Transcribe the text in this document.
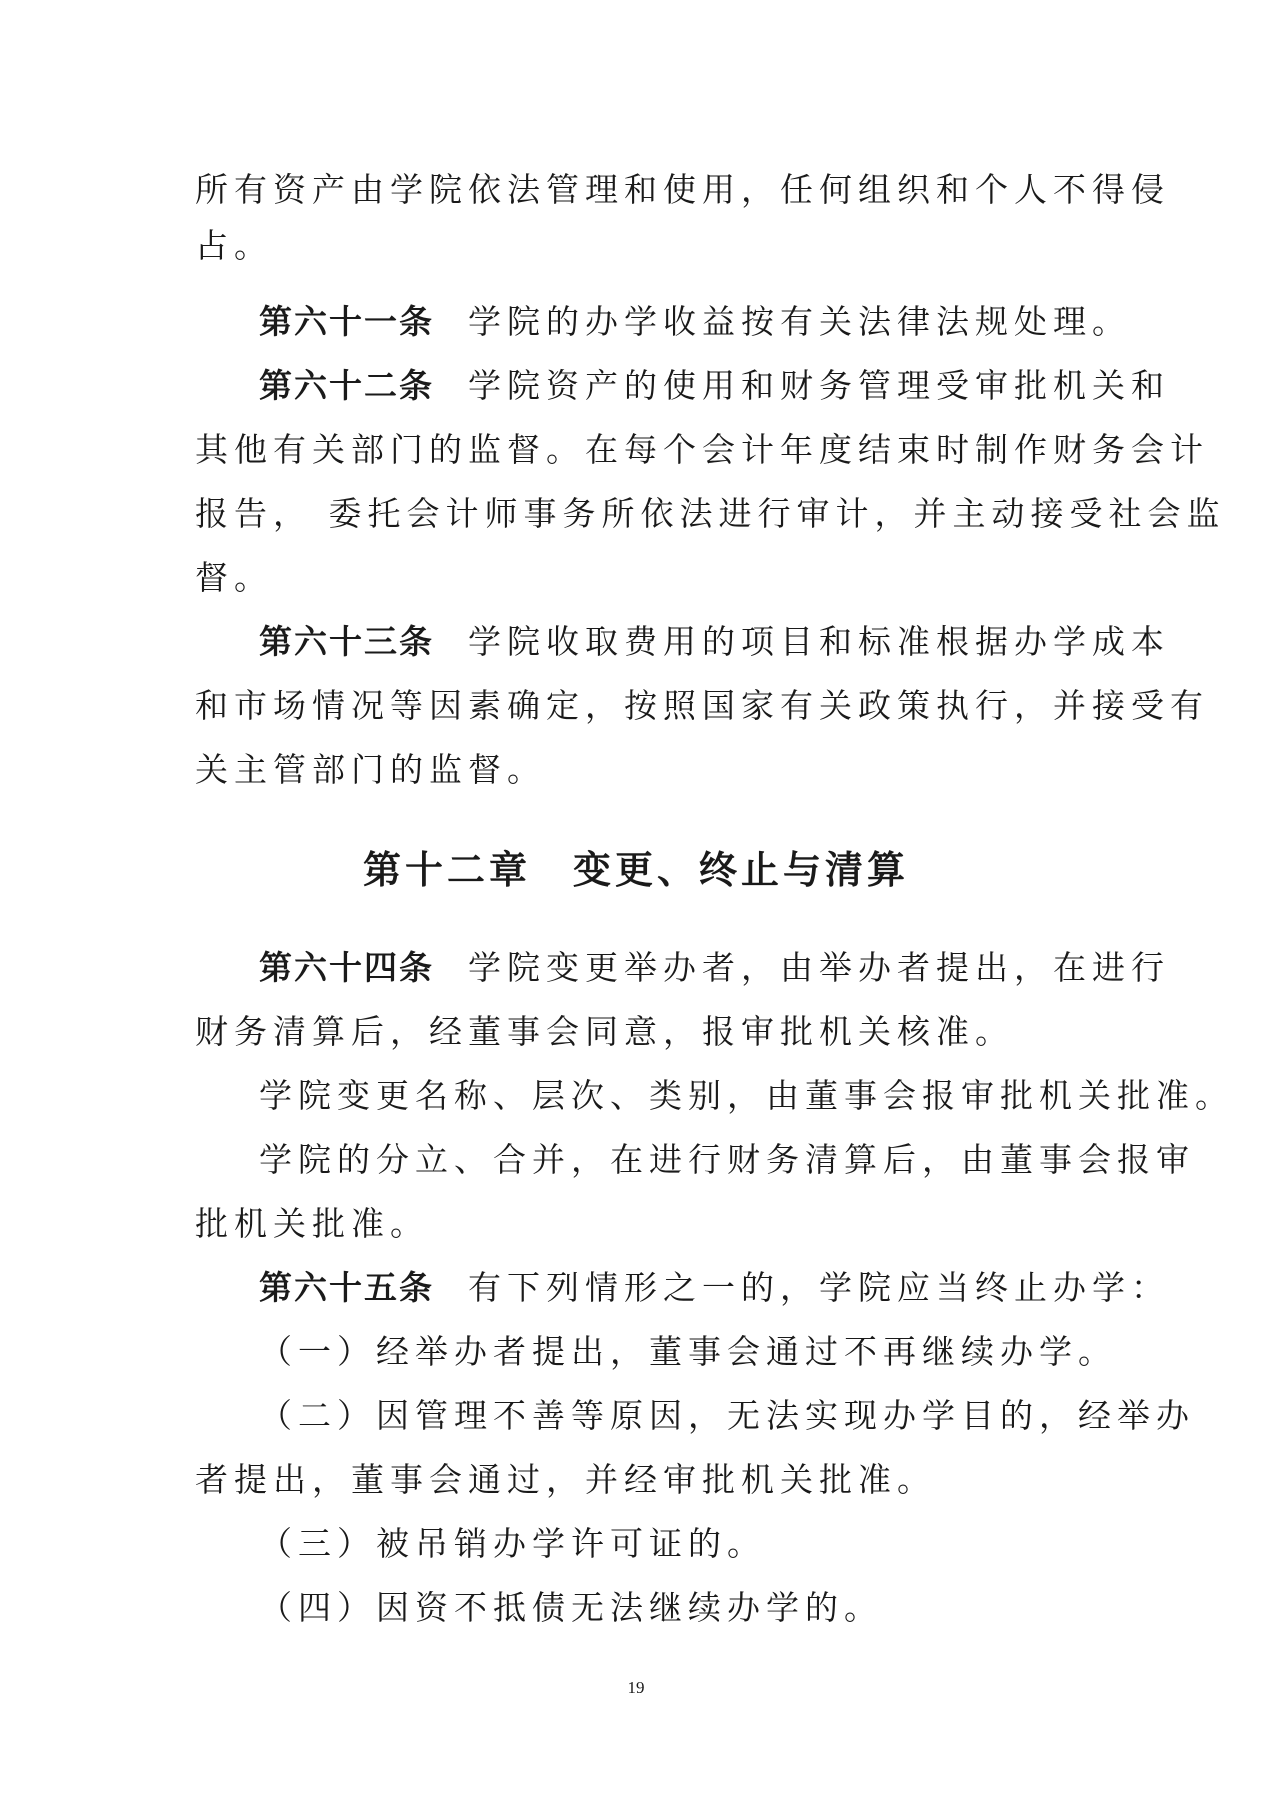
所有资产由学院依法管理和使用，任何组织和个人不得侵
占。
第六十一条 学院的办学收益按有关法律法规处理。
第六十二条 学院资产的使用和财务管理受审批机关和
其他有关部门的监督。在每个会计年度结束时制作财务会计
报告， 委托会计师事务所依法进行审计，并主动接受社会监
督。
第六十三条 学院收取费用的项目和标准根据办学成本
和市场情况等因素确定，按照国家有关政策执行，并接受有
关主管部门的监督。
第十二章　变更、终止与清算
第六十四条 学院变更举办者，由举办者提出，在进行
财务清算后，经董事会同意，报审批机关核准。
学院变更名称、层次、类别，由董事会报审批机关批准。
学院的分立、合并，在进行财务清算后，由董事会报审
批机关批准。
第六十五条 有下列情形之一的，学院应当终止办学：
（一）经举办者提出，董事会通过不再继续办学。
（二）因管理不善等原因，无法实现办学目的，经举办
者提出，董事会通过，并经审批机关批准。
（三）被吊销办学许可证的。
（四）因资不抵债无法继续办学的。
19
